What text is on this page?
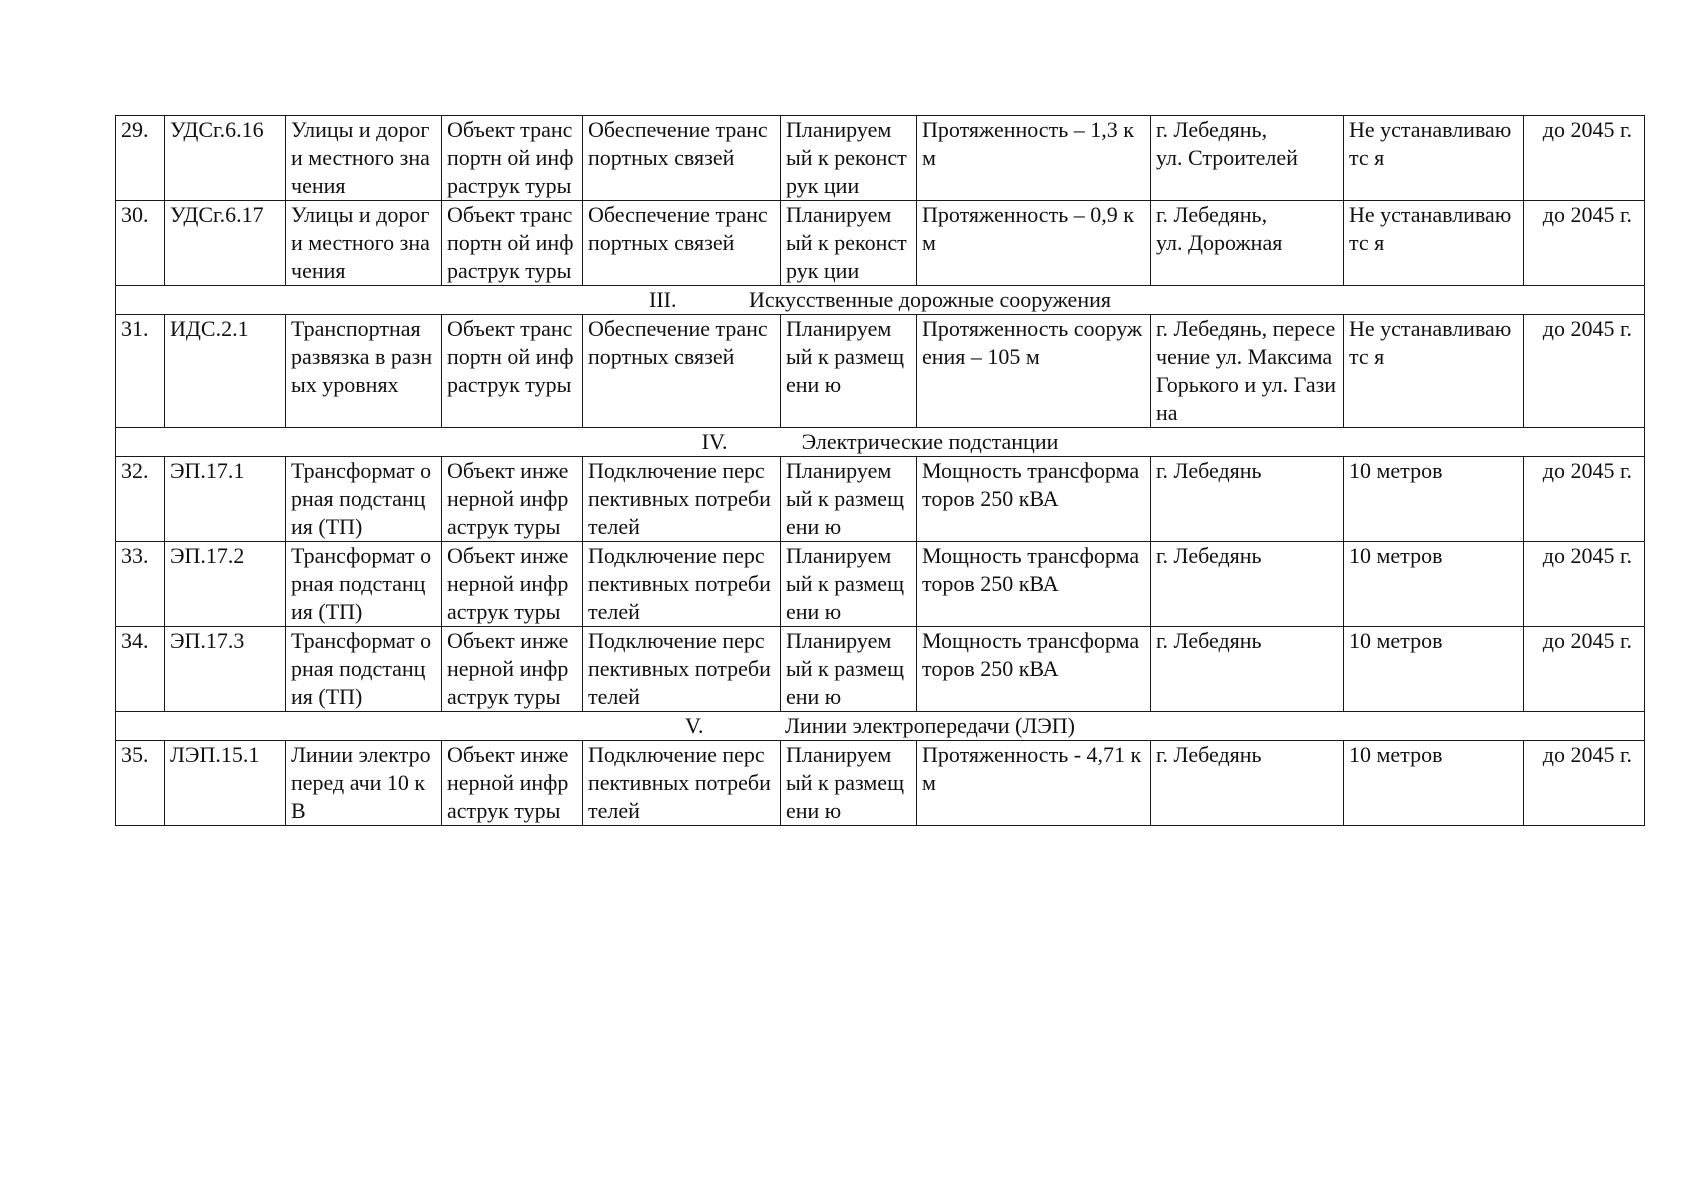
29.	УДСг.6.16	Улицы и дороги местного значения	Объект транспортн ой инфраструк туры	Обеспечение транспортных связей	Планируем ый к реконструк ции	Протяженность – 1,3 км	г. Лебедянь,
ул. Строителей	Не устанавливаютс я	до 2045 г.
30.	УДСг.6.17	Улицы и дороги местного значения	Объект транспортн ой инфраструк туры	Обеспечение транспортных связей	Планируем ый к реконструк ции	Протяженность – 0,9 км	г. Лебедянь,
ул. Дорожная	Не устанавливаютс я	до 2045 г.
III. Искусственные дорожные сооружения									
31.	ИДС.2.1	Транспортная развязка в разных уровнях	Объект транспортн ой инфраструк туры	Обеспечение транспортных связей	Планируем ый к размещени ю	Протяженность сооружения – 105 м	г. Лебедянь, пересечение ул. Максима Горького и ул. Газина	Не устанавливаютс я	до 2045 г.
IV. Электрические подстанции									
32.	ЭП.17.1	Трансформат орная подстанция (ТП)	Объект инженерной инфраструк туры	Подключение перспективных потребителей	Планируем ый к размещени ю	Мощность трансформаторов 250 кВА	г. Лебедянь	10 метров	до 2045 г.
33.	ЭП.17.2	Трансформат орная подстанция (ТП)	Объект инженерной инфраструк туры	Подключение перспективных потребителей	Планируем ый к размещени ю	Мощность трансформаторов 250 кВА	г. Лебедянь	10 метров	до 2045 г.
34.	ЭП.17.3	Трансформат орная подстанция (ТП)	Объект инженерной инфраструк туры	Подключение перспективных потребителей	Планируем ый к размещени ю	Мощность трансформаторов 250 кВА	г. Лебедянь	10 метров	до 2045 г.
V. Линии электропередачи (ЛЭП)									
35.	ЛЭП.15.1	Линии электроперед ачи 10 кВ	Объект инженерной инфраструк туры	Подключение перспективных потребителей	Планируем ый к размещени ю	Протяженность - 4,71 км	г. Лебедянь	10 метров	до 2045 г.
